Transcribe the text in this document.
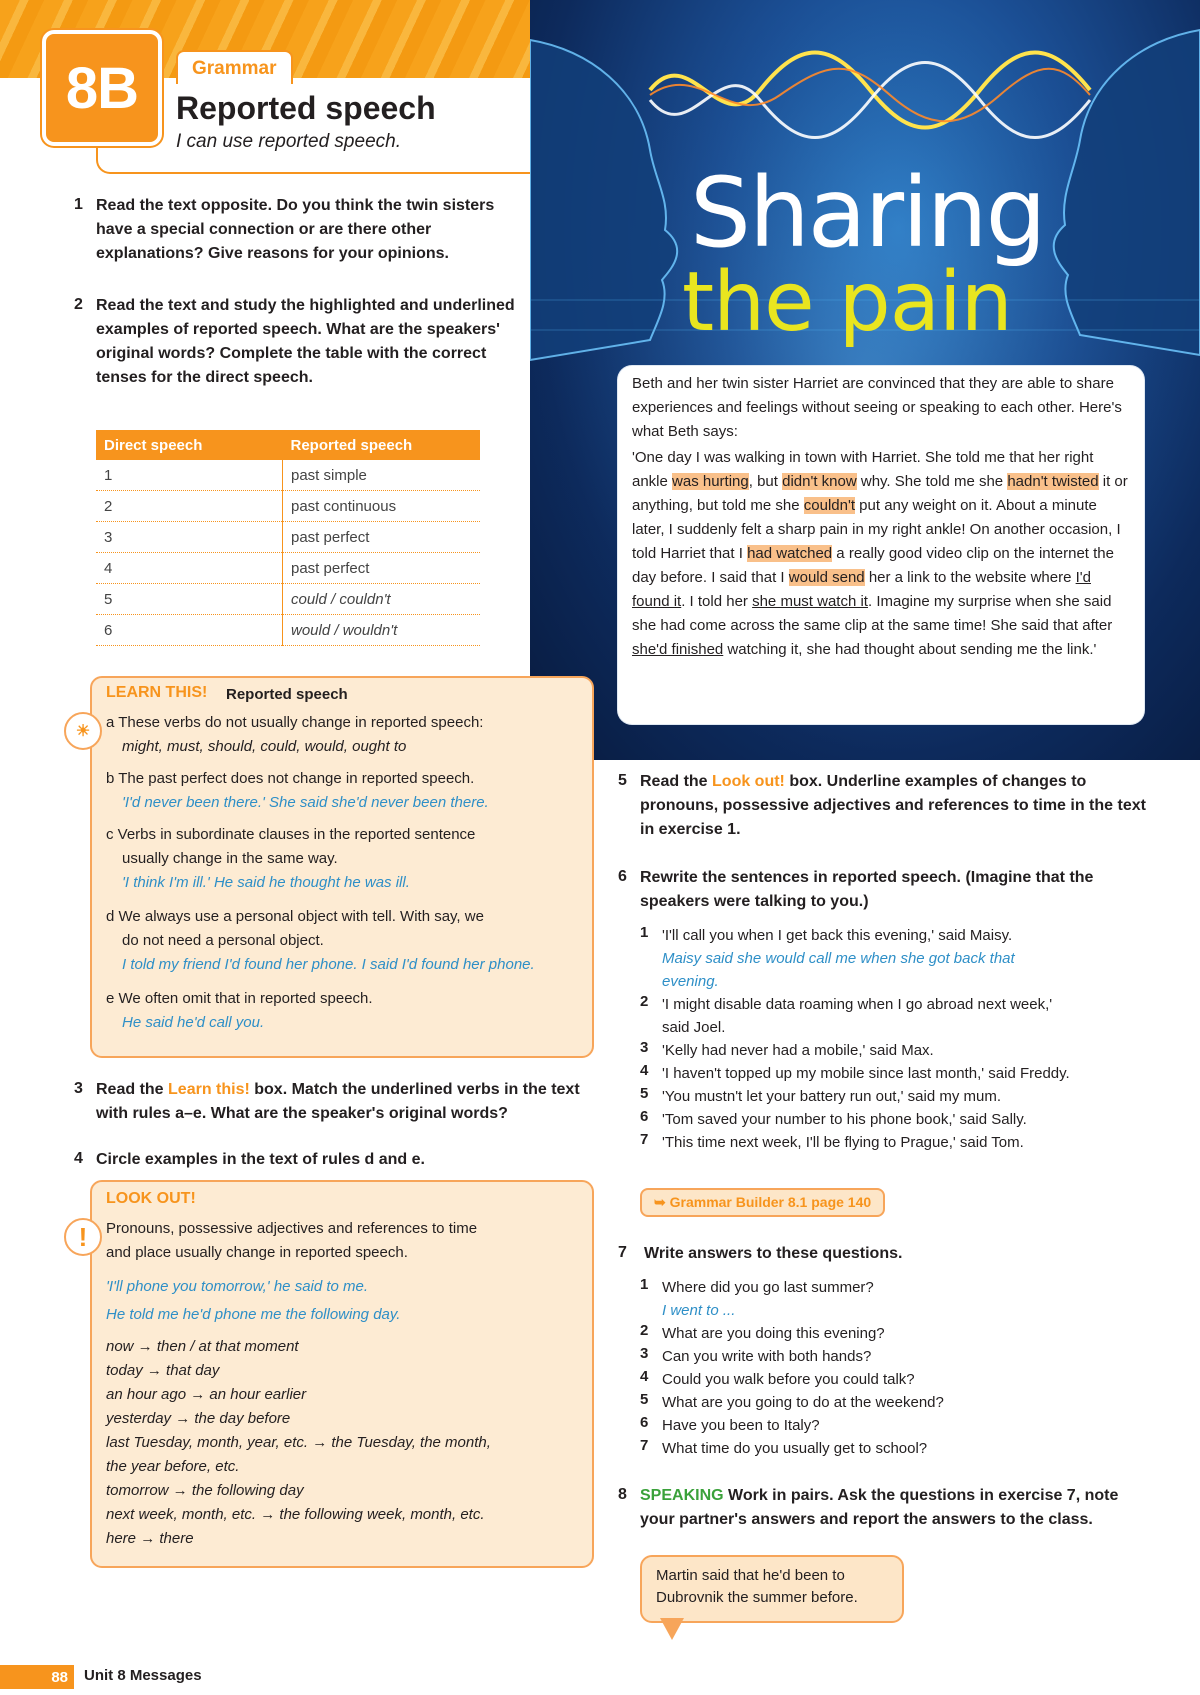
8B	Grammar
Reported speech
I can use reported speech.
Sharing
the pain
Beth and her twin sister Harriet are convinced that they are able to share experiences and feelings without seeing or speaking to each other. Here's what Beth says:
'One day I was walking in town with Harriet. She told me that her right ankle was hurting, but didn't know why. She told me she hadn't twisted it or anything, but told me she couldn't put any weight on it. About a minute later, I suddenly felt a sharp pain in my right ankle! On another occasion, I told Harriet that I had watched a really good video clip on the internet the day before. I said that I would send her a link to the website where I'd found it. I told her she must watch it. Imagine my surprise when she said she had come across the same clip at the same time! She said that after she'd finished watching it, she had thought about sending me the link.'
1 Read the text opposite. Do you think the twin sisters have a special connection or are there other explanations? Give reasons for your opinions.
2 Read the text and study the highlighted and underlined examples of reported speech. What are the speakers' original words? Complete the table with the correct tenses for the direct speech.
Direct speech	Reported speech
1	past simple
2	past continuous
3	past perfect
4	past perfect
5	could / couldn't
6	would / wouldn't
☀
LEARN THIS! Reported speech
a These verbs do not usually change in reported speech:
might, must, should, could, would, ought to
b The past perfect does not change in reported speech.
'I'd never been there.' She said she'd never been there.
c Verbs in subordinate clauses in the reported sentence
usually change in the same way.
'I think I'm ill.' He said he thought he was ill.
d We always use a personal object with tell. With say, we
do not need a personal object.
I told my friend I'd found her phone. I said I'd found her phone.
e We often omit that in reported speech.
He said he'd call you.
3 Read the Learn this! box. Match the underlined verbs in the text with rules a–e. What are the speaker's original words?
4 Circle examples in the text of rules d and e.
!
LOOK OUT!
Pronouns, possessive adjectives and references to time
and place usually change in reported speech.
'I'll phone you tomorrow,' he said to me.
He told me he'd phone me the following day.
now → then / at that moment
today → that day
an hour ago → an hour earlier
yesterday → the day before
last Tuesday, month, year, etc. → the Tuesday, the month,
the year before, etc.
tomorrow → the following day
next week, month, etc. → the following week, month, etc.
here → there
5 Read the Look out! box. Underline examples of changes to pronouns, possessive adjectives and references to time in the text in exercise 1.
6 Rewrite the sentences in reported speech. (Imagine that the speakers were talking to you.)
1 'I'll call you when I get back this evening,' said Maisy.
Maisy said she would call me when she got back that
evening.
2 'I might disable data roaming when I go abroad next week,'
said Joel.
3 'Kelly had never had a mobile,' said Max.
4 'I haven't topped up my mobile since last month,' said Freddy.
5 'You mustn't let your battery run out,' said my mum.
6 'Tom saved your number to his phone book,' said Sally.
7 'This time next week, I'll be flying to Prague,' said Tom.
➥ Grammar Builder 8.1 page 140
7 Write answers to these questions.
1 Where did you go last summer?
I went to ...
2 What are you doing this evening?
3 Can you write with both hands?
4 Could you walk before you could talk?
5 What are you going to do at the weekend?
6 Have you been to Italy?
7 What time do you usually get to school?
8 SPEAKING Work in pairs. Ask the questions in exercise 7, note your partner's answers and report the answers to the class.
Martin said that he'd been to Dubrovnik the summer before.
88	Unit 8 Messages
